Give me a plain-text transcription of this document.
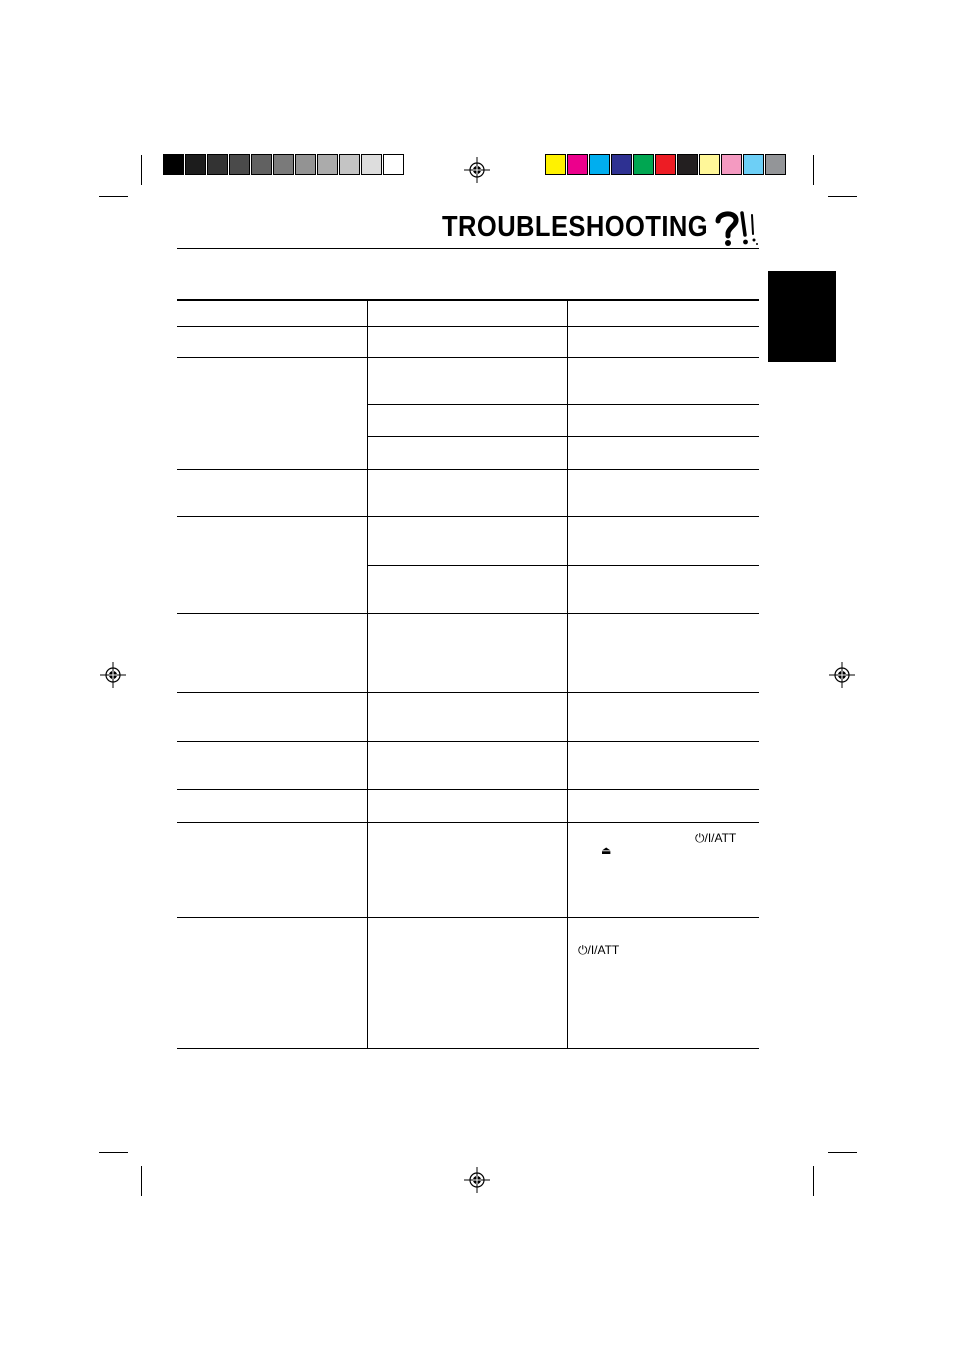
TROUBLESHOOTING
⏻/I/ATT
⏏
⏻/I/ATT
